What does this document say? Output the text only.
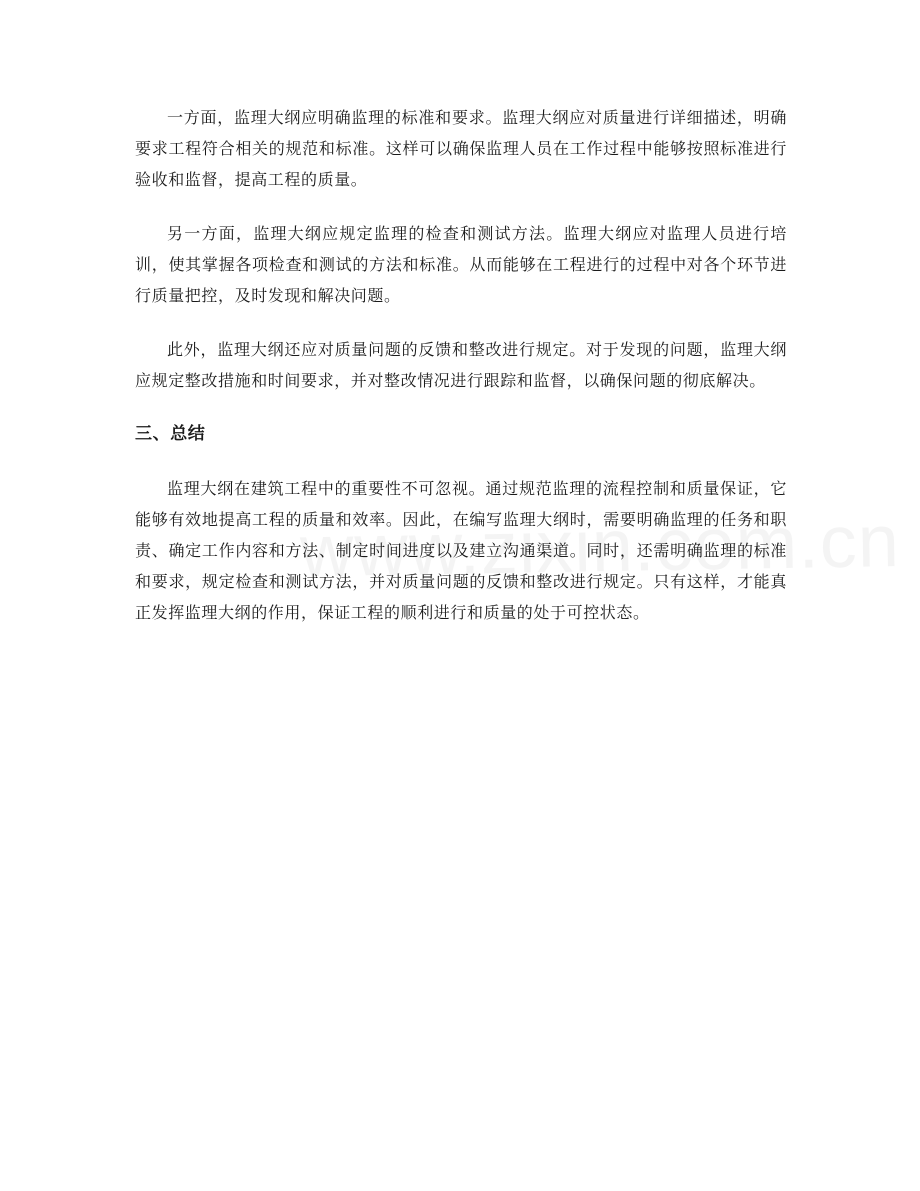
一方面，监理大纲应明确监理的标准和要求。监理大纲应对质量进行详细描述，明确要求工程符合相关的规范和标准。这样可以确保监理人员在工作过程中能够按照标准进行验收和监督，提高工程的质量。

另一方面，监理大纲应规定监理的检查和测试方法。监理大纲应对监理人员进行培训，使其掌握各项检查和测试的方法和标准。从而能够在工程进行的过程中对各个环节进行质量把控，及时发现和解决问题。

此外，监理大纲还应对质量问题的反馈和整改进行规定。对于发现的问题，监理大纲应规定整改措施和时间要求，并对整改情况进行跟踪和监督，以确保问题的彻底解决。

三、总结

监理大纲在建筑工程中的重要性不可忽视。通过规范监理的流程控制和质量保证，它能够有效地提高工程的质量和效率。因此，在编写监理大纲时，需要明确监理的任务和职责、确定工作内容和方法、制定时间进度以及建立沟通渠道。同时，还需明确监理的标准和要求，规定检查和测试方法，并对质量问题的反馈和整改进行规定。只有这样，才能真正发挥监理大纲的作用，保证工程的顺利进行和质量的处于可控状态。
